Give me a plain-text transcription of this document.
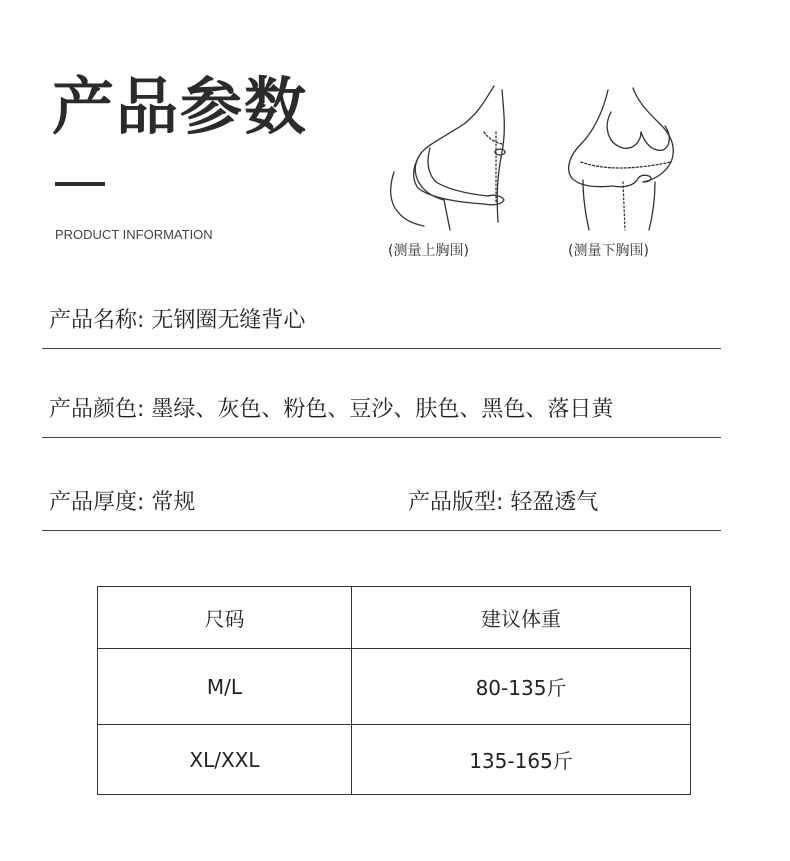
产品参数
PRODUCT INFORMATION
(测量上胸围)	(测量下胸围)
产品名称: 无钢圈无缝背心
产品颜色: 墨绿、灰色、粉色、豆沙、肤色、黑色、落日黄
产品厚度: 常规	产品版型: 轻盈透气
尺码	建议体重
M/L	80-135斤
XL/XXL	135-165斤
